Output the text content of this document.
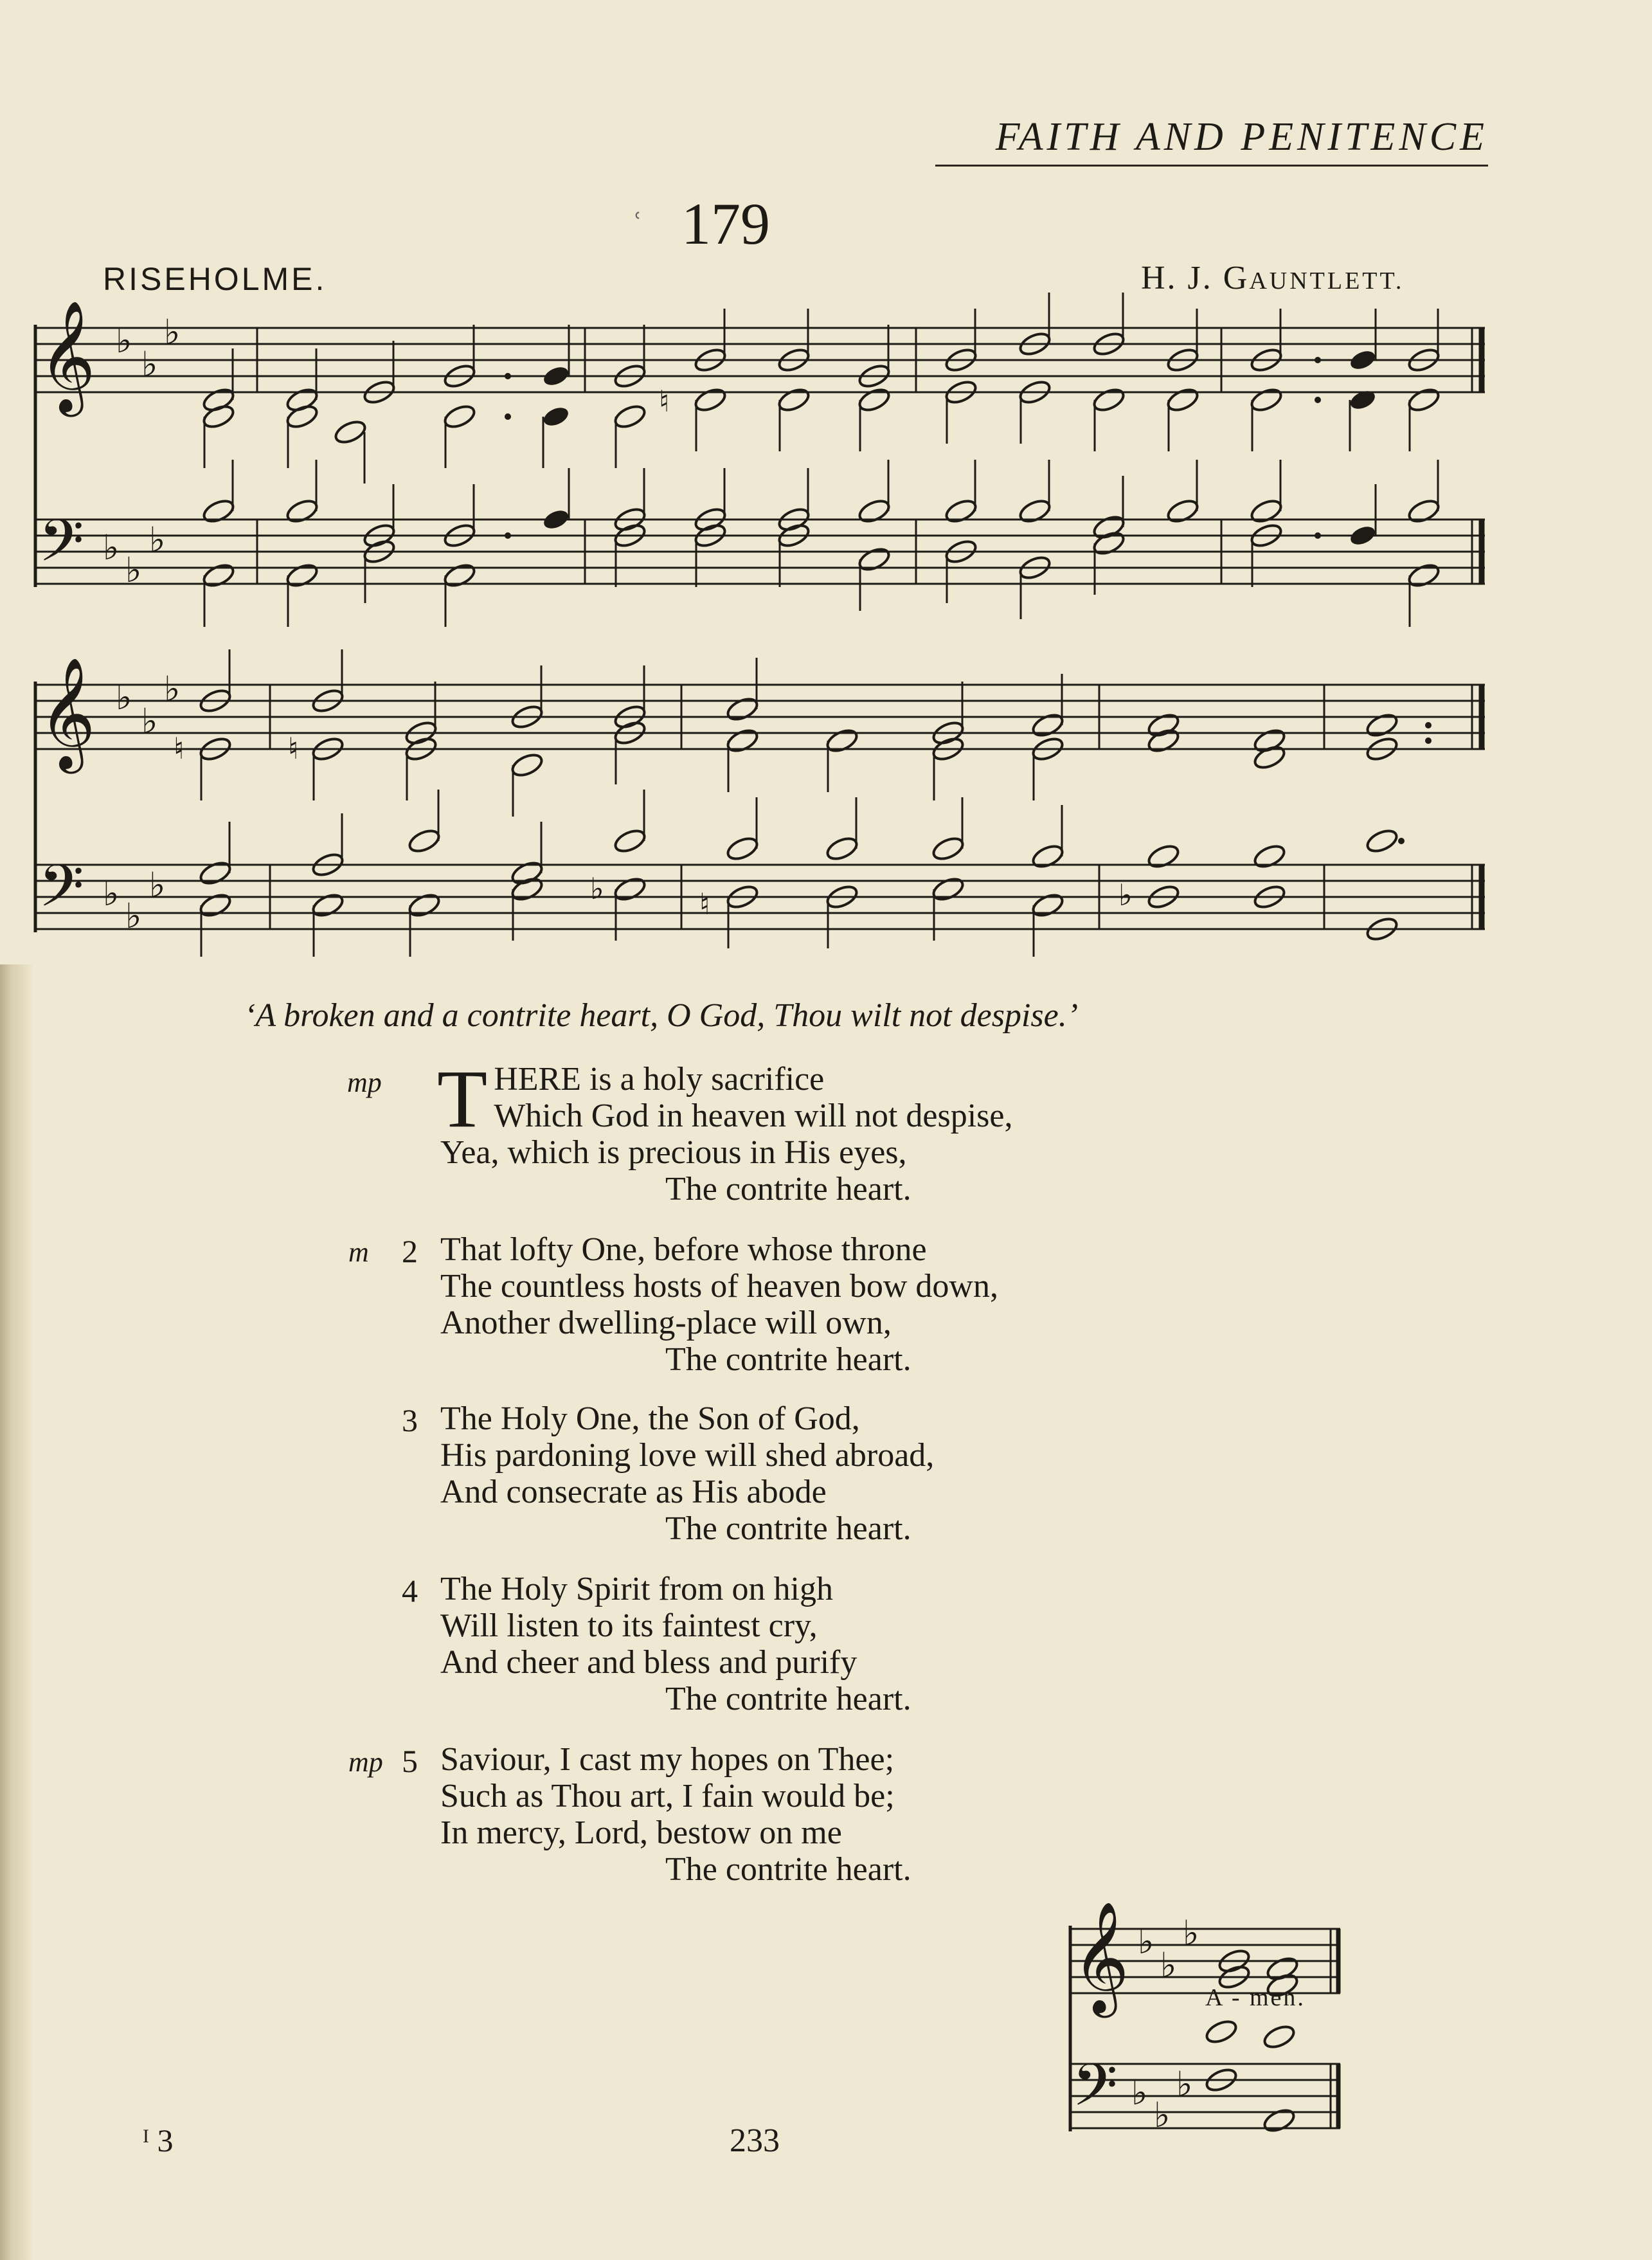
FAITH AND PENITENCE
ʿ 179
RISEHOLME.	H. J. GAUNTLETT.
𝄞
𝄢
𝄞
𝄢
𝄞
𝄢
♭
♭
♭
♭
♭
♭
♭
♭
♭
♭
♭
♭
♭
♭
♭
♭
♭
♭
♮
♮	♮
♭	♮	♭
‘A broken and a contrite heart, O God, Thou wilt not despise.’
mp T HERE is a holy sacrifice
Which God in heaven will not despise,
Yea, which is precious in His eyes,
The contrite heart.
m 2 That lofty One, before whose throne
The countless hosts of heaven bow down,
Another dwelling-place will own,
The contrite heart.
3 The Holy One, the Son of God,
His pardoning love will shed abroad,
And consecrate as His abode
The contrite heart.
4 The Holy Spirit from on high
Will listen to its faintest cry,
And cheer and bless and purify
The contrite heart.
mp 5 Saviour, I cast my hopes on Thee;
Such as Thou art, I fain would be;
In mercy, Lord, bestow on me
The contrite heart.
A - men.
ᴵ 3	233
